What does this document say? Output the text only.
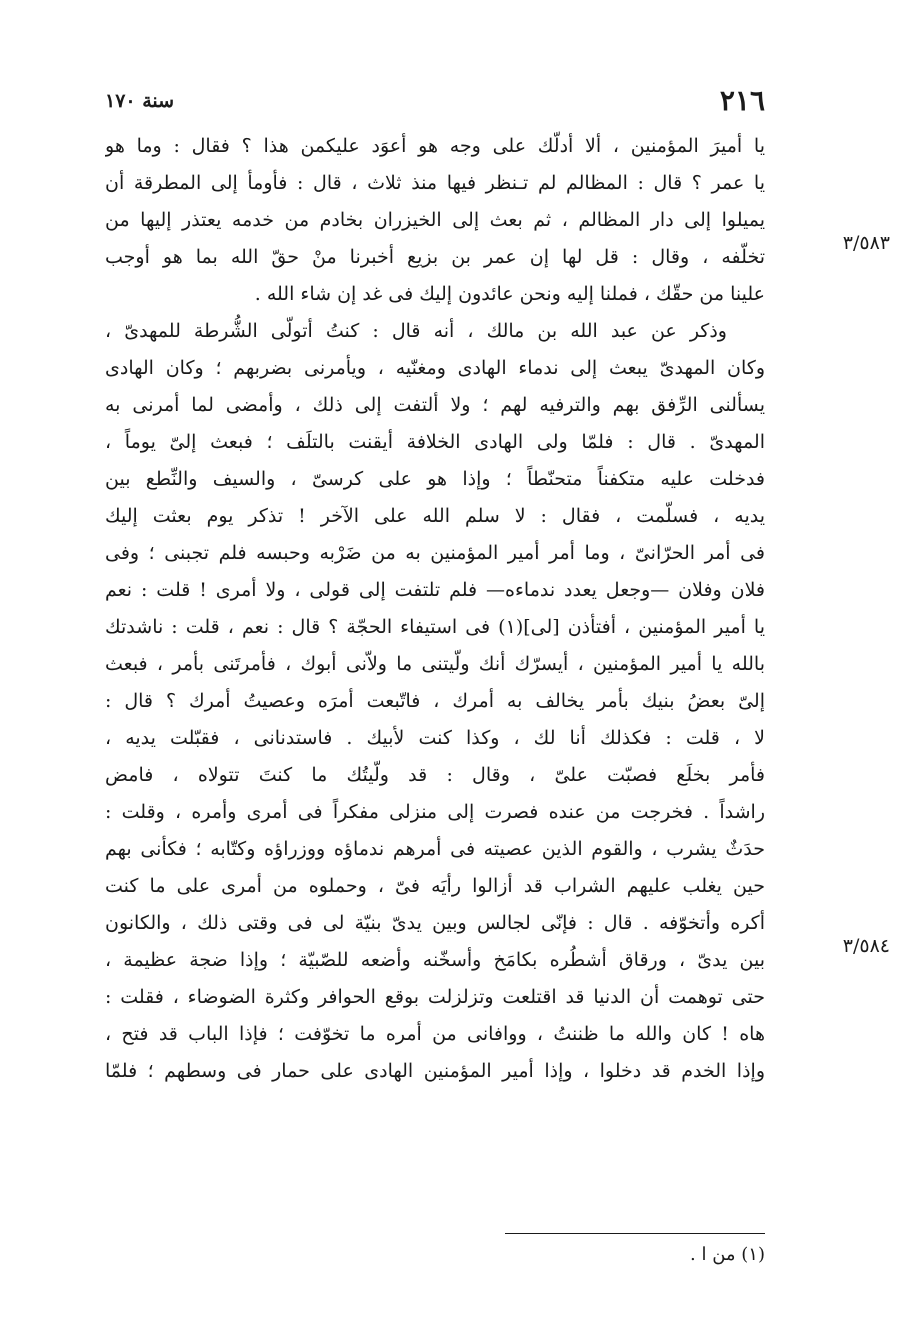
٢١٦
سنة ١٧٠
٣/٥٨٣
٣/٥٨٤
يا أميرَ المؤمنين ، ألا أدلّك على وجه هو أعوَد عليكمن هذا ؟ فقال : وما هو
يا عمر ؟ قال : المظالم لم تـنظر فيها منذ ثلاث ، قال : فأومأ إلى المطرقة أن
يميلوا إلى دار المظالم ، ثم بعث إلى الخيزران بخادم من خدمه يعتذر إليها من
تخلّفه ، وقال : قل لها إن عمر بن بزيع أخبرنا منْ حقّ الله بما هو أوجب
علينا من حقّك ، فملنا إليه ونحن عائدون إليك فى غد إن شاء الله .
وذكر عن عبد الله بن مالك ، أنه قال : كنتُ أتولّى الشُّرطة للمهدىّ ،
وكان المهدىّ يبعث إلى ندماء الهادى ومغنّيه ، ويأمرنى بضربهم ؛ وكان الهادى
يسألنى الرِّفق بهم والترفيه لهم ؛ ولا ألتفت إلى ذلك ، وأمضى لما أمرنى به
المهدىّ . قال : فلمّا ولى الهادى الخلافة أيقنت بالتلَف ؛ فبعث إلىّ يوماً ،
فدخلت عليه متكفناً متحنّطاً ؛ وإذا هو على كرسىّ ، والسيف والنِّطع بين
يديه ، فسلّمت ، فقال : لا سلم الله على الآخر ! تذكر يوم بعثت إليك
فى أمر الحرّانىّ ، وما أمر أمير المؤمنين به من ضَرْبه وحبسه فلم تجبنى ؛ وفى
فلان وفلان —وجعل يعدد ندماءه— فلم تلتفت إلى قولى ، ولا أمرى ! قلت : نعم
يا أمير المؤمنين ، أفتأذن [لى](١) فى استيفاء الحجّة ؟ قال : نعم ، قلت : ناشدتك
بالله يا أمير المؤمنين ، أيسرّك أنك ولّيتنى ما ولاّنى أبوك ، فأمرتَنى بأمر ، فبعث
إلىّ بعضُ بنيك بأمر يخالف به أمرك ، فاتّبعت أمرَه وعصيتُ أمرك ؟ قال :
لا ، قلت : فكذلك أنا لك ، وكذا كنت لأبيك . فاستدنانى ، فقبّلت يديه ،
فأمر بخلَع فصبّت علىّ ، وقال : قد ولّيتُك ما كنتَ تتولاه ، فامض
راشداً . فخرجت من عنده فصرت إلى منزلى مفكراً فى أمرى وأمره ، وقلت :
حدَثٌ يشرب ، والقوم الذين عصيته فى أمرهم ندماؤه ووزراؤه وكتّابه ؛ فكأنى بهم
حين يغلب عليهم الشراب قد أزالوا رأيَه فىّ ، وحملوه من أمرى على ما كنت
أكره وأتخوّفه . قال : فإنّى لجالس وبين يدىّ بنيّة لى فى وقتى ذلك ، والكانون
بين يدىّ ، ورقاق أشطُره بكامَخ وأسخّنه وأضعه للصّبيّة ؛ وإذا ضجة عظيمة ،
حتى توهمت أن الدنيا قد اقتلعت وتزلزلت بوقع الحوافر وكثرة الضوضاء ، فقلت :
هاه ! كان والله ما ظننتُ ، ووافانى من أمره ما تخوّفت ؛ فإذا الباب قد فتح ،
وإذا الخدم قد دخلوا ، وإذا أمير المؤمنين الهادى على حمار فى وسطهم ؛ فلمّا
(١) من ا .
